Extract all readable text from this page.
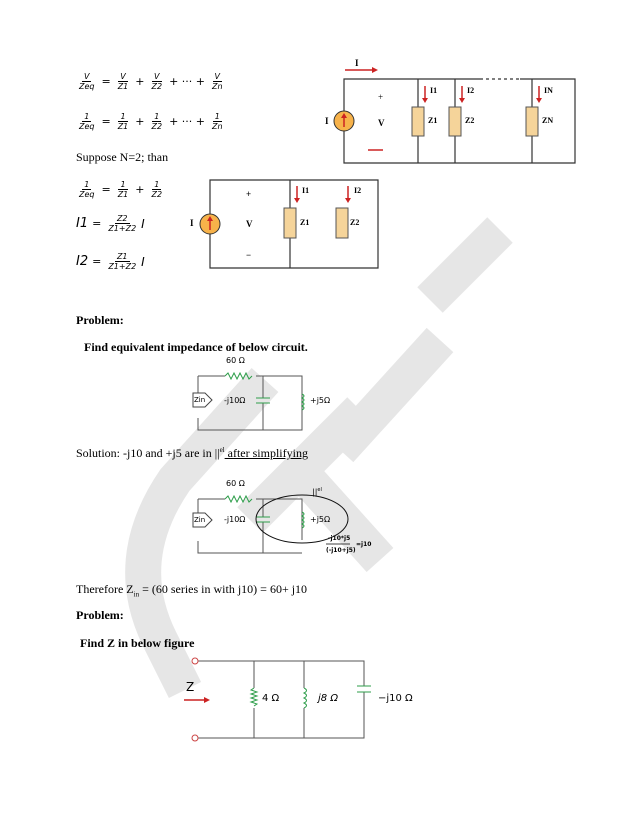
$\frac{V}{\text{Zeq}} = \frac{V}{Z1} + \frac{V}{Z2}$ + ··· + $\frac{V}{Zn}$
$\frac{1}{\text{Zeq}} = \frac{1}{Z1} + \frac{1}{Z2}$ + ··· + $\frac{1}{Zn}$
Suppose N=2; than
$\frac{1}{\text{Zeq}} = \frac{1}{Z1} + \frac{1}{Z2}$
$I1 = \frac{Z2}{Z1+Z2}$ I
$I2 = \frac{Z1}{Z1+Z2}$ I
I
I
+
V
I1	I2	IN
Z1	Z2	ZN
I
+
V
−
I1	I2
Z1	Z2
Problem:
Find equivalent impedance of below circuit.
60 Ω
Zin -j10Ω	+j5Ω
Solution: -j10 and +j5 are in $||^{el}$ after simplifying
60 Ω
Zin -j10Ω	+j5Ω
$||^{el}$
-j10*j5
(-j10+j5)
=j10
Therefore $Z_{in} = (60$ series in with j10) = 60+ j10
Problem:
Find Z in below figure
Z
4 Ω	j8 Ω	−j10 Ω
